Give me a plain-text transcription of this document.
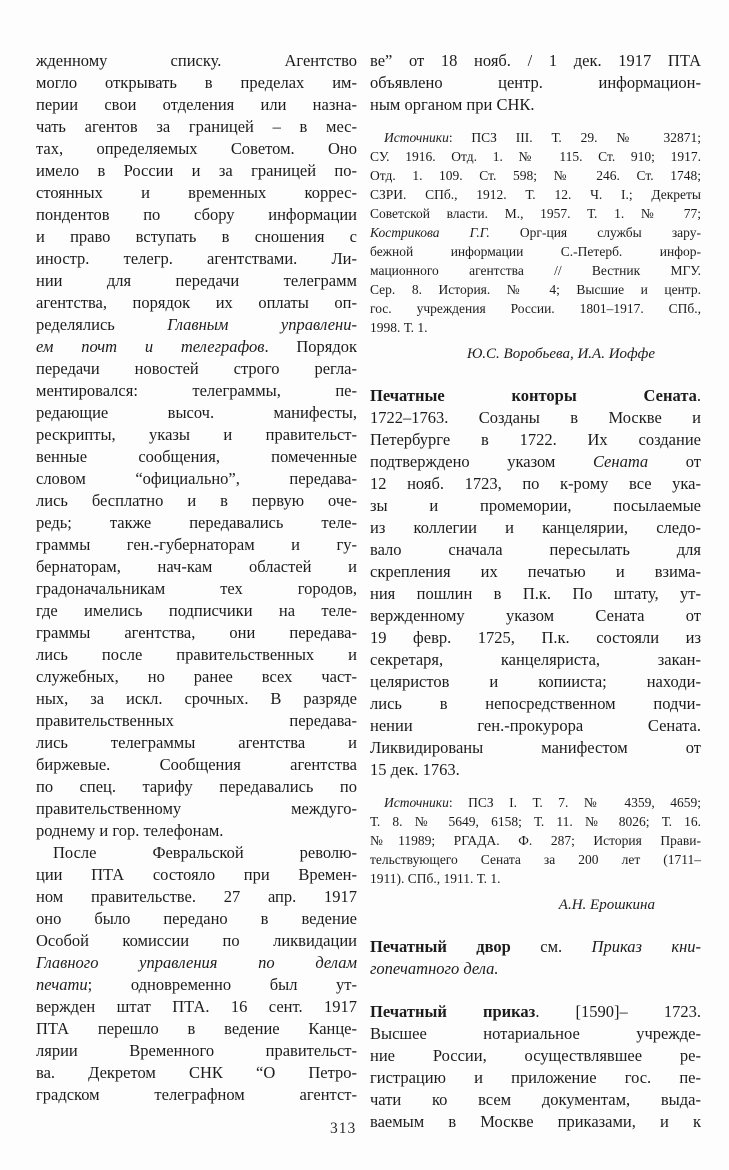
жденному списку. Агентство
могло открывать в пределах им-
перии свои отделения или назна-
чать агентов за границей – в мес-
тах, определяемых Советом. Оно
имело в России и за границей по-
стоянных и временных коррес-
пондентов по сбору информации
и право вступать в сношения с
иностр. телегр. агентствами. Ли-
нии для передачи телеграмм
агентства, порядок их оплаты оп-
ределялись Главным управлени-
ем почт и телеграфов. Порядок
передачи новостей строго регла-
ментировался: телеграммы, пе-
редающие высоч. манифесты,
рескрипты, указы и правительст-
венные сообщения, помеченные
словом “официально”, передава-
лись бесплатно и в первую оче-
редь; также передавались теле-
граммы ген.-губернаторам и гу-
бернаторам, нач-кам областей и
градоначальникам тех городов,
где имелись подписчики на теле-
граммы агентства, они передава-
лись после правительственных и
служебных, но ранее всех част-
ных, за искл. срочных. В разряде
правительственных передава-
лись телеграммы агентства и
биржевые. Сообщения агентства
по спец. тарифу передавались по
правительственному междуго-
роднему и гор. телефонам.
После Февральской револю-
ции ПТА состояло при Времен-
ном правительстве. 27 апр. 1917
оно было передано в ведение
Особой комиссии по ликвидации
Главного управления по делам
печати; одновременно был ут-
вержден штат ПТА. 16 сент. 1917
ПТА перешло в ведение Канце-
лярии Временного правительст-
ва. Декретом СНК “О Петро-
градском телеграфном агентст-
ве” от 18 нояб. / 1 дек. 1917 ПТА
объявлено центр. информацион-
ным органом при СНК.
Источники: ПСЗ III. Т. 29. № 32871;
СУ. 1916. Отд. 1. № 115. Ст. 910; 1917.
Отд. 1. 109. Ст. 598; № 246. Ст. 1748;
СЗРИ. СПб., 1912. Т. 12. Ч. I.; Декреты
Советской власти. М., 1957. Т. 1. № 77;
Кострикова Г.Г. Орг-ция службы зару-
бежной информации С.-Петерб. инфор-
мационного агентства // Вестник МГУ.
Сер. 8. История. № 4; Высшие и центр.
гос. учреждения России. 1801–1917. СПб.,
1998. Т. 1.
Ю.С. Воробьева, И.А. Иоффе
Печатные конторы Сената.
1722–1763. Созданы в Москве и
Петербурге в 1722. Их создание
подтверждено указом Сената от
12 нояб. 1723, по к-рому все ука-
зы и промемории, посылаемые
из коллегии и канцелярии, следо-
вало сначала пересылать для
скрепления их печатью и взима-
ния пошлин в П.к. По штату, ут-
вержденному указом Сената от
19 февр. 1725, П.к. состояли из
секретаря, канцеляриста, закан-
целяристов и копииста; находи-
лись в непосредственном подчи-
нении ген.-прокурора Сената.
Ликвидированы манифестом от
15 дек. 1763.
Источники: ПСЗ I. Т. 7. № 4359, 4659;
Т. 8. № 5649, 6158; Т. 11. № 8026; Т. 16.
№11989; РГАДА. Ф. 287; История Прави-
тельствующего Сената за 200 лет (1711–
1911). СПб., 1911. Т. 1.
А.Н. Ерошкина
Печатный двор см. Приказ кни-
гопечатного дела.
Печатный приказ. [1590]– 1723.
Высшее нотариальное учрежде-
ние России, осуществлявшее ре-
гистрацию и приложение гос. пе-
чати ко всем документам, выда-
ваемым в Москве приказами, и к
313
